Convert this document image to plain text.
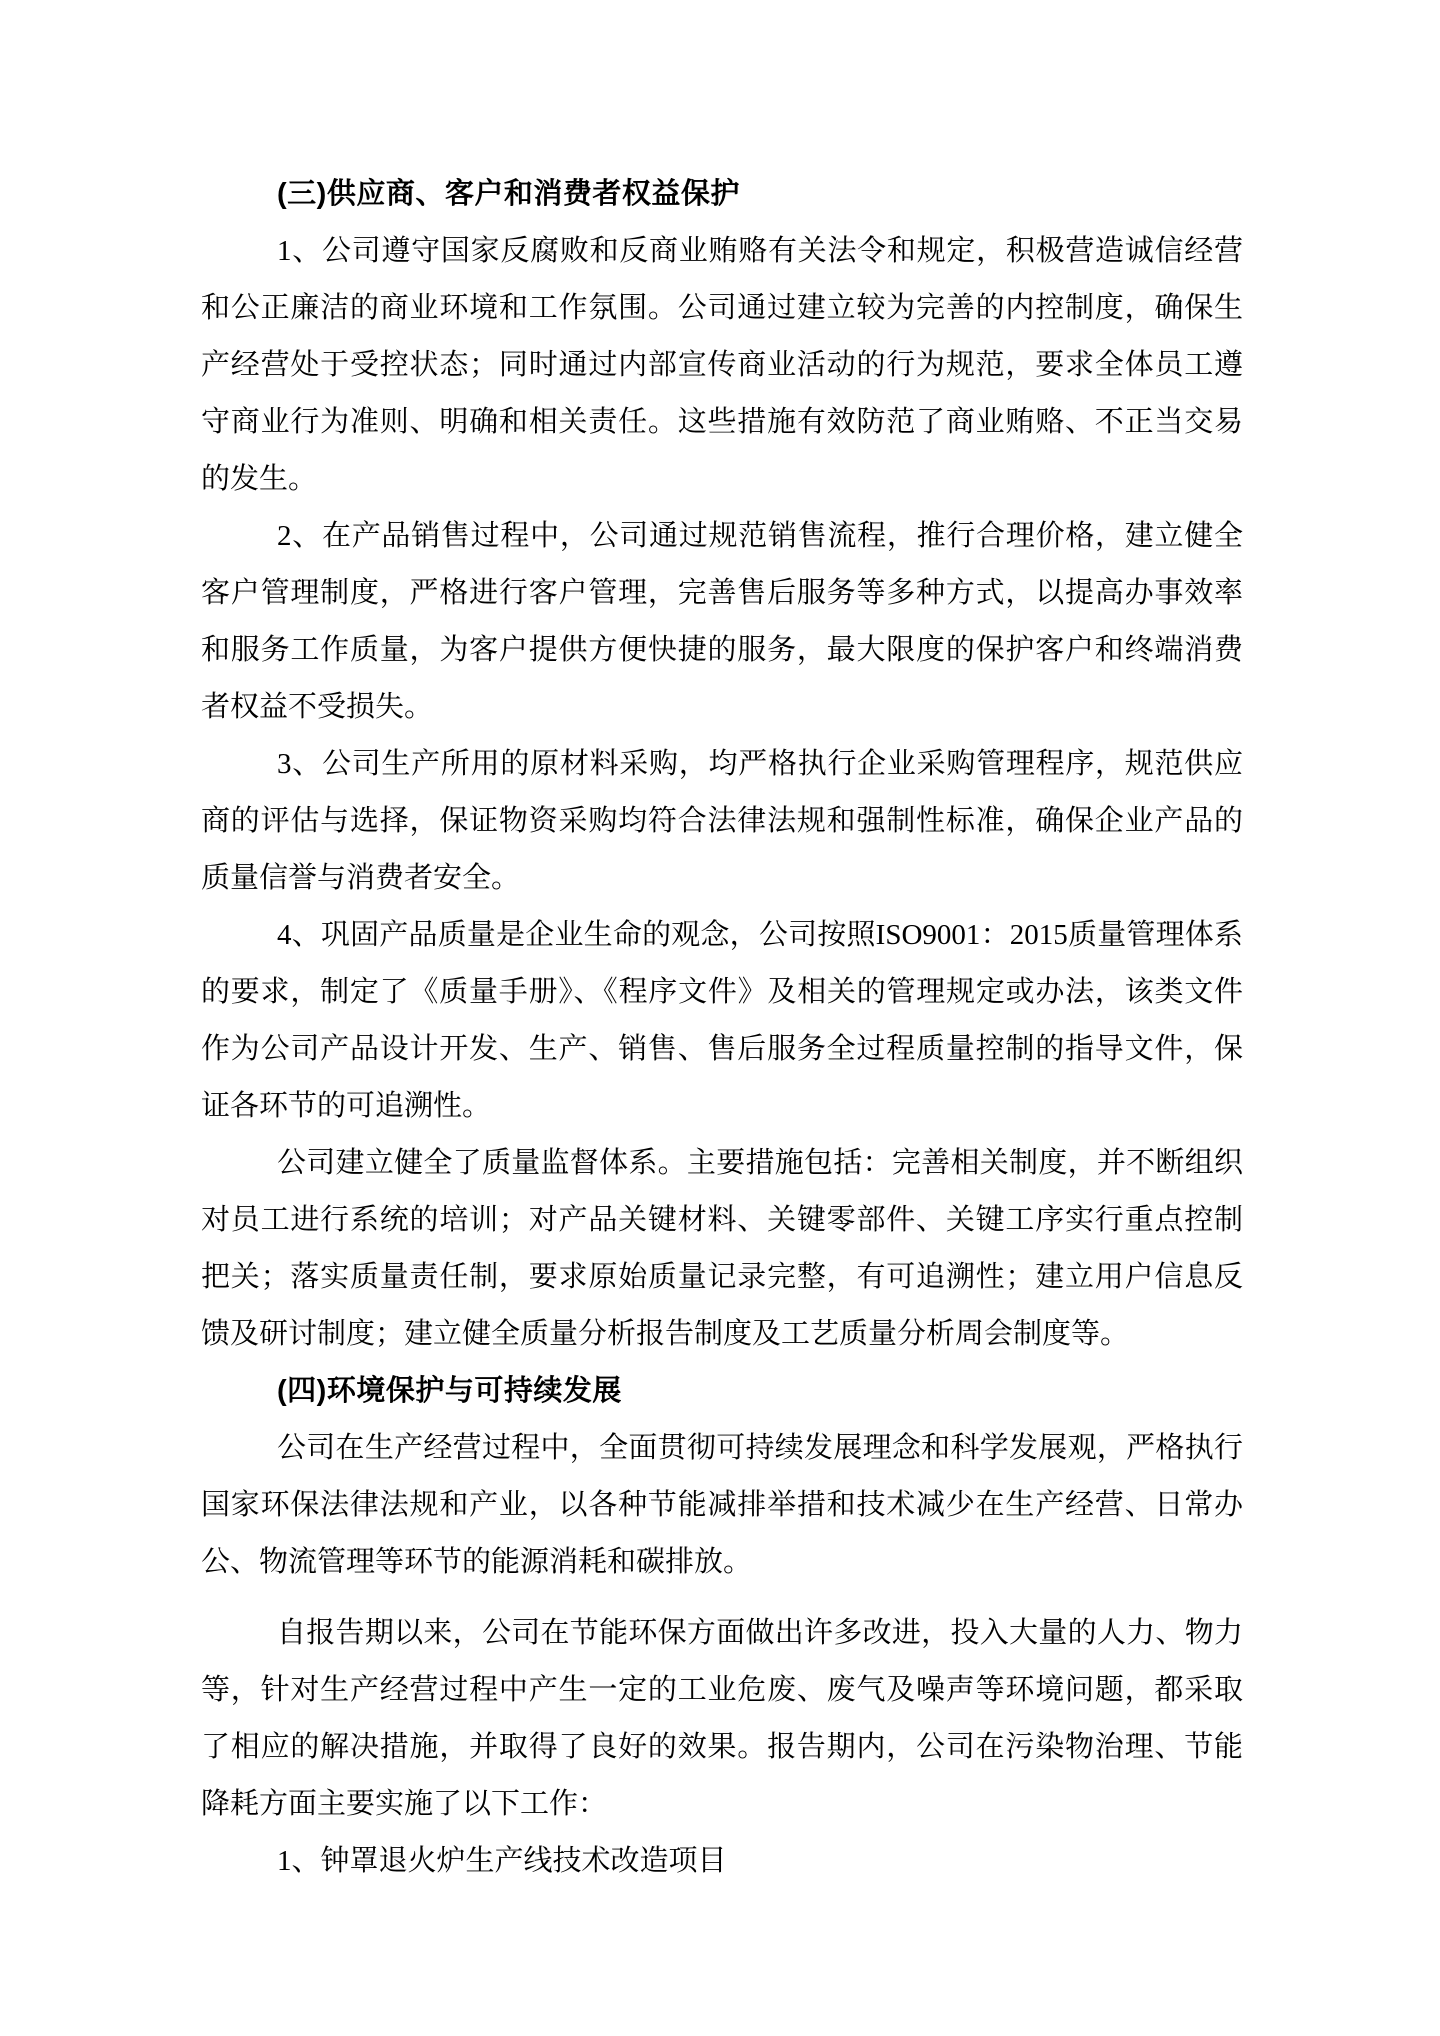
(三)供应商、客户和消费者权益保护

1、公司遵守国家反腐败和反商业贿赂有关法令和规定，积极营造诚信经营和公正廉洁的商业环境和工作氛围。公司通过建立较为完善的内控制度，确保生产经营处于受控状态；同时通过内部宣传商业活动的行为规范，要求全体员工遵守商业行为准则、明确和相关责任。这些措施有效防范了商业贿赂、不正当交易的发生。

2、在产品销售过程中，公司通过规范销售流程，推行合理价格，建立健全客户管理制度，严格进行客户管理，完善售后服务等多种方式，以提高办事效率和服务工作质量，为客户提供方便快捷的服务，最大限度的保护客户和终端消费者权益不受损失。

3、公司生产所用的原材料采购，均严格执行企业采购管理程序，规范供应商的评估与选择，保证物资采购均符合法律法规和强制性标准，确保企业产品的质量信誉与消费者安全。

4、巩固产品质量是企业生命的观念，公司按照ISO9001：2015质量管理体系的要求，制定了《质量手册》、《程序文件》及相关的管理规定或办法，该类文件作为公司产品设计开发、生产、销售、售后服务全过程质量控制的指导文件，保证各环节的可追溯性。

公司建立健全了质量监督体系。主要措施包括：完善相关制度，并不断组织对员工进行系统的培训；对产品关键材料、关键零部件、关键工序实行重点控制把关；落实质量责任制，要求原始质量记录完整，有可追溯性；建立用户信息反馈及研讨制度；建立健全质量分析报告制度及工艺质量分析周会制度等。

(四)环境保护与可持续发展

公司在生产经营过程中，全面贯彻可持续发展理念和科学发展观，严格执行国家环保法律法规和产业，以各种节能减排举措和技术减少在生产经营、日常办公、物流管理等环节的能源消耗和碳排放。

自报告期以来，公司在节能环保方面做出许多改进，投入大量的人力、物力等，针对生产经营过程中产生一定的工业危废、废气及噪声等环境问题，都采取了相应的解决措施，并取得了良好的效果。报告期内，公司在污染物治理、节能降耗方面主要实施了以下工作：

1、钟罩退火炉生产线技术改造项目
